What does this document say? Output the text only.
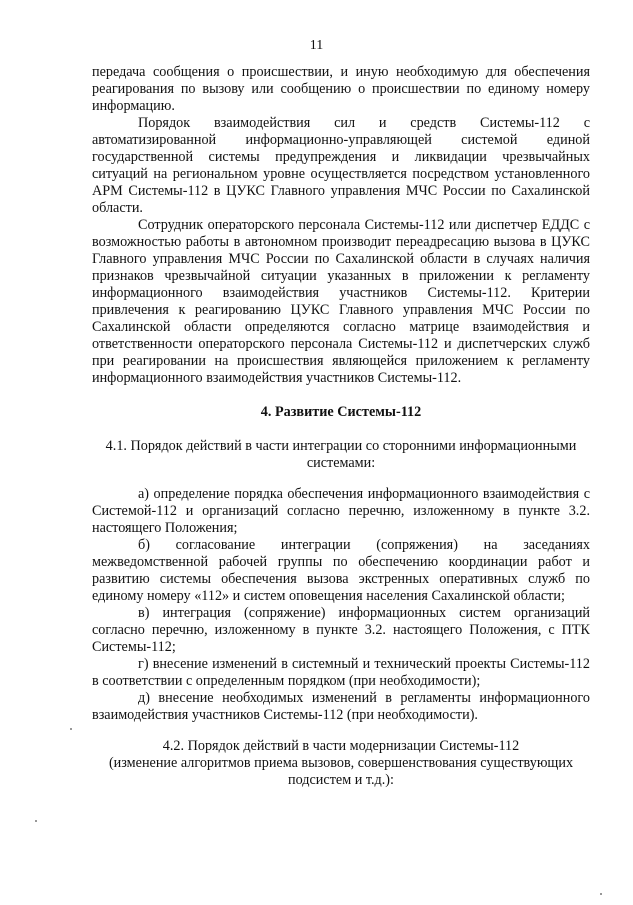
11

передача сообщения о происшествии, и иную необходимую для обеспечения реагирования по вызову или сообщению о происшествии по единому номеру информацию.

Порядок взаимодействия сил и средств Системы-112 с автоматизированной информационно-управляющей системой единой государственной системы предупреждения и ликвидации чрезвычайных ситуаций на региональном уровне осуществляется посредством установленного АРМ Системы-112 в ЦУКС Главного управления МЧС России по Сахалинской области.

Сотрудник операторского персонала Системы-112 или диспетчер ЕДДС с возможностью работы в автономном производит переадресацию вызова в ЦУКС Главного управления МЧС России по Сахалинской области в случаях наличия признаков чрезвычайной ситуации указанных в приложении к регламенту информационного взаимодействия участников Системы-112. Критерии привлечения к реагированию ЦУКС Главного управления МЧС России по Сахалинской области определяются согласно матрице взаимодействия и ответственности операторского персонала Системы-112 и диспетчерских служб при реагировании на происшествия являющейся приложением к регламенту информационного взаимодействия участников Системы-112.

4. Развитие Системы-112

4.1. Порядок действий в части интеграции со сторонними информационными системами:

а) определение порядка обеспечения информационного взаимодействия с Системой-112 и организаций согласно перечню, изложенному в пункте 3.2. настоящего Положения;

б) согласование интеграции (сопряжения) на заседаниях межведомственной рабочей группы по обеспечению координации работ и развитию системы обеспечения вызова экстренных оперативных служб по единому номеру «112» и систем оповещения населения Сахалинской области;

в) интеграция (сопряжение) информационных систем организаций согласно перечню, изложенному в пункте 3.2. настоящего Положения, с ПТК Системы-112;

г) внесение изменений в системный и технический проекты Системы-112 в соответствии с определенным порядком (при необходимости);

д) внесение необходимых изменений в регламенты информационного взаимодействия участников Системы-112 (при необходимости).

4.2. Порядок действий в части модернизации Системы-112

(изменение алгоритмов приема вызовов, совершенствования существующих подсистем и т.д.):
